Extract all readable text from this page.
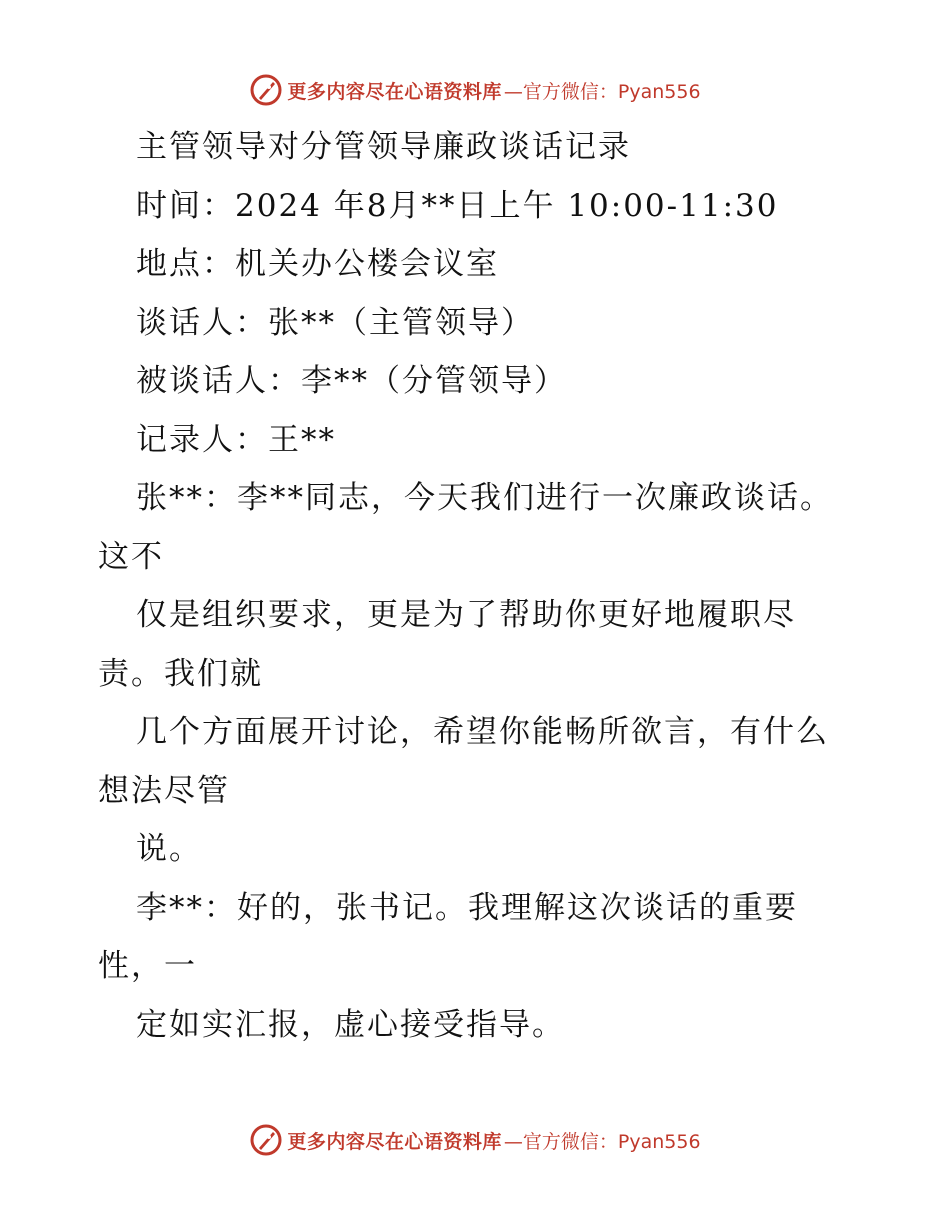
更多内容尽在心语资料库 —官方微信：Pyan556
主管领导对分管领导廉政谈话记录
时间：2024 年8月**日上午 10:00-11:30
地点：机关办公楼会议室
谈话人：张**（主管领导）
被谈话人：李**（分管领导）
记录人：王**
张**：李**同志，今天我们进行一次廉政谈话。
这不
仅是组织要求，更是为了帮助你更好地履职尽
责。我们就
几个方面展开讨论，希望你能畅所欲言，有什么
想法尽管
说。
李**：好的，张书记。我理解这次谈话的重要
性，一
定如实汇报，虚心接受指导。
更多内容尽在心语资料库 —官方微信：Pyan556
